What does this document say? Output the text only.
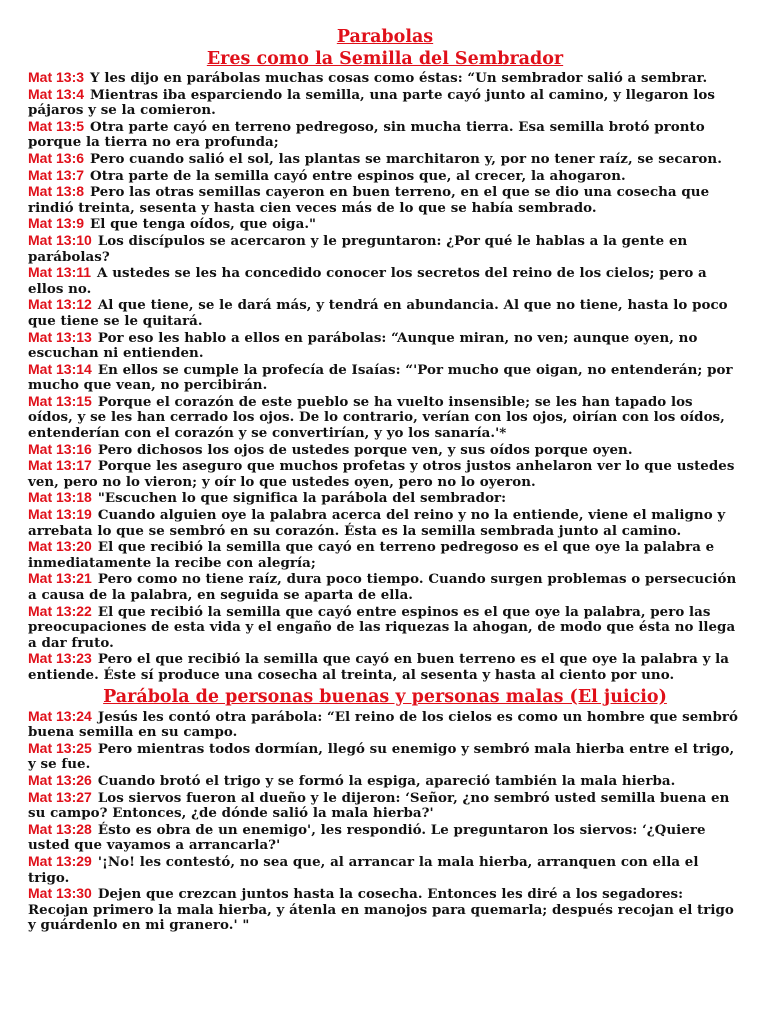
Parabolas
Eres como la Semilla del Sembrador

Mat 13:3 Y les dijo en parábolas muchas cosas como éstas: “Un sembrador salió a sembrar.

Mat 13:4 Mientras iba esparciendo la semilla, una parte cayó junto al camino, y llegaron los pájaros y se la comieron.

Mat 13:5 Otra parte cayó en terreno pedregoso, sin mucha tierra. Esa semilla brotó pronto porque la tierra no era profunda;

Mat 13:6 Pero cuando salió el sol, las plantas se marchitaron y, por no tener raíz, se secaron.

Mat 13:7 Otra parte de la semilla cayó entre espinos que, al crecer, la ahogaron.

Mat 13:8 Pero las otras semillas cayeron en buen terreno, en el que se dio una cosecha que rindió treinta, sesenta y hasta cien veces más de lo que se había sembrado.

Mat 13:9 El que tenga oídos, que oiga."

Mat 13:10 Los discípulos se acercaron y le preguntaron: ¿Por qué le hablas a la gente en parábolas?

Mat 13:11 A ustedes se les ha concedido conocer los secretos del reino de los cielos; pero a ellos no.

Mat 13:12 Al que tiene, se le dará más, y tendrá en abundancia. Al que no tiene, hasta lo poco que tiene se le quitará.

Mat 13:13 Por eso les hablo a ellos en parábolas: “Aunque miran, no ven; aunque oyen, no escuchan ni entienden.

Mat 13:14 En ellos se cumple la profecía de Isaías: “'Por mucho que oigan, no entenderán; por mucho que vean, no percibirán.

Mat 13:15 Porque el corazón de este pueblo se ha vuelto insensible; se les han tapado los oídos, y se les han cerrado los ojos. De lo contrario, verían con los ojos, oirían con los oídos, entenderían con el corazón y se convertirían, y yo los sanaría.'*

Mat 13:16 Pero dichosos los ojos de ustedes porque ven, y sus oídos porque oyen.

Mat 13:17 Porque les aseguro que muchos profetas y otros justos anhelaron ver lo que ustedes ven, pero no lo vieron; y oír lo que ustedes oyen, pero no lo oyeron.

Mat 13:18 "Escuchen lo que significa la parábola del sembrador:

Mat 13:19 Cuando alguien oye la palabra acerca del reino y no la entiende, viene el maligno y arrebata lo que se sembró en su corazón. Ésta es la semilla sembrada junto al camino.

Mat 13:20 El que recibió la semilla que cayó en terreno pedregoso es el que oye la palabra e inmediatamente la recibe con alegría;

Mat 13:21 Pero como no tiene raíz, dura poco tiempo. Cuando surgen problemas o persecución a causa de la palabra, en seguida se aparta de ella.

Mat 13:22 El que recibió la semilla que cayó entre espinos es el que oye la palabra, pero las preocupaciones de esta vida y el engaño de las riquezas la ahogan, de modo que ésta no llega a dar fruto.

Mat 13:23 Pero el que recibió la semilla que cayó en buen terreno es el que oye la palabra y la entiende. Éste sí produce una cosecha al treinta, al sesenta y hasta al ciento por uno.

Parábola de personas buenas y personas malas (El juicio)

Mat 13:24 Jesús les contó otra parábola: “El reino de los cielos es como un hombre que sembró buena semilla en su campo.

Mat 13:25 Pero mientras todos dormían, llegó su enemigo y sembró mala hierba entre el trigo, y se fue.

Mat 13:26 Cuando brotó el trigo y se formó la espiga, apareció también la mala hierba.

Mat 13:27 Los siervos fueron al dueño y le dijeron: ‘Señor, ¿no sembró usted semilla buena en su campo? Entonces, ¿de dónde salió la mala hierba?'

Mat 13:28 Ésto es obra de un enemigo', les respondió. Le preguntaron los siervos: ‘¿Quiere usted que vayamos a arrancarla?'

Mat 13:29 '¡No! les contestó, no sea que, al arrancar la mala hierba, arranquen con ella el trigo.

Mat 13:30 Dejen que crezcan juntos hasta la cosecha. Entonces les diré a los segadores: Recojan primero la mala hierba, y átenla en manojos para quemarla; después recojan el trigo y guárdenlo en mi granero.' "
